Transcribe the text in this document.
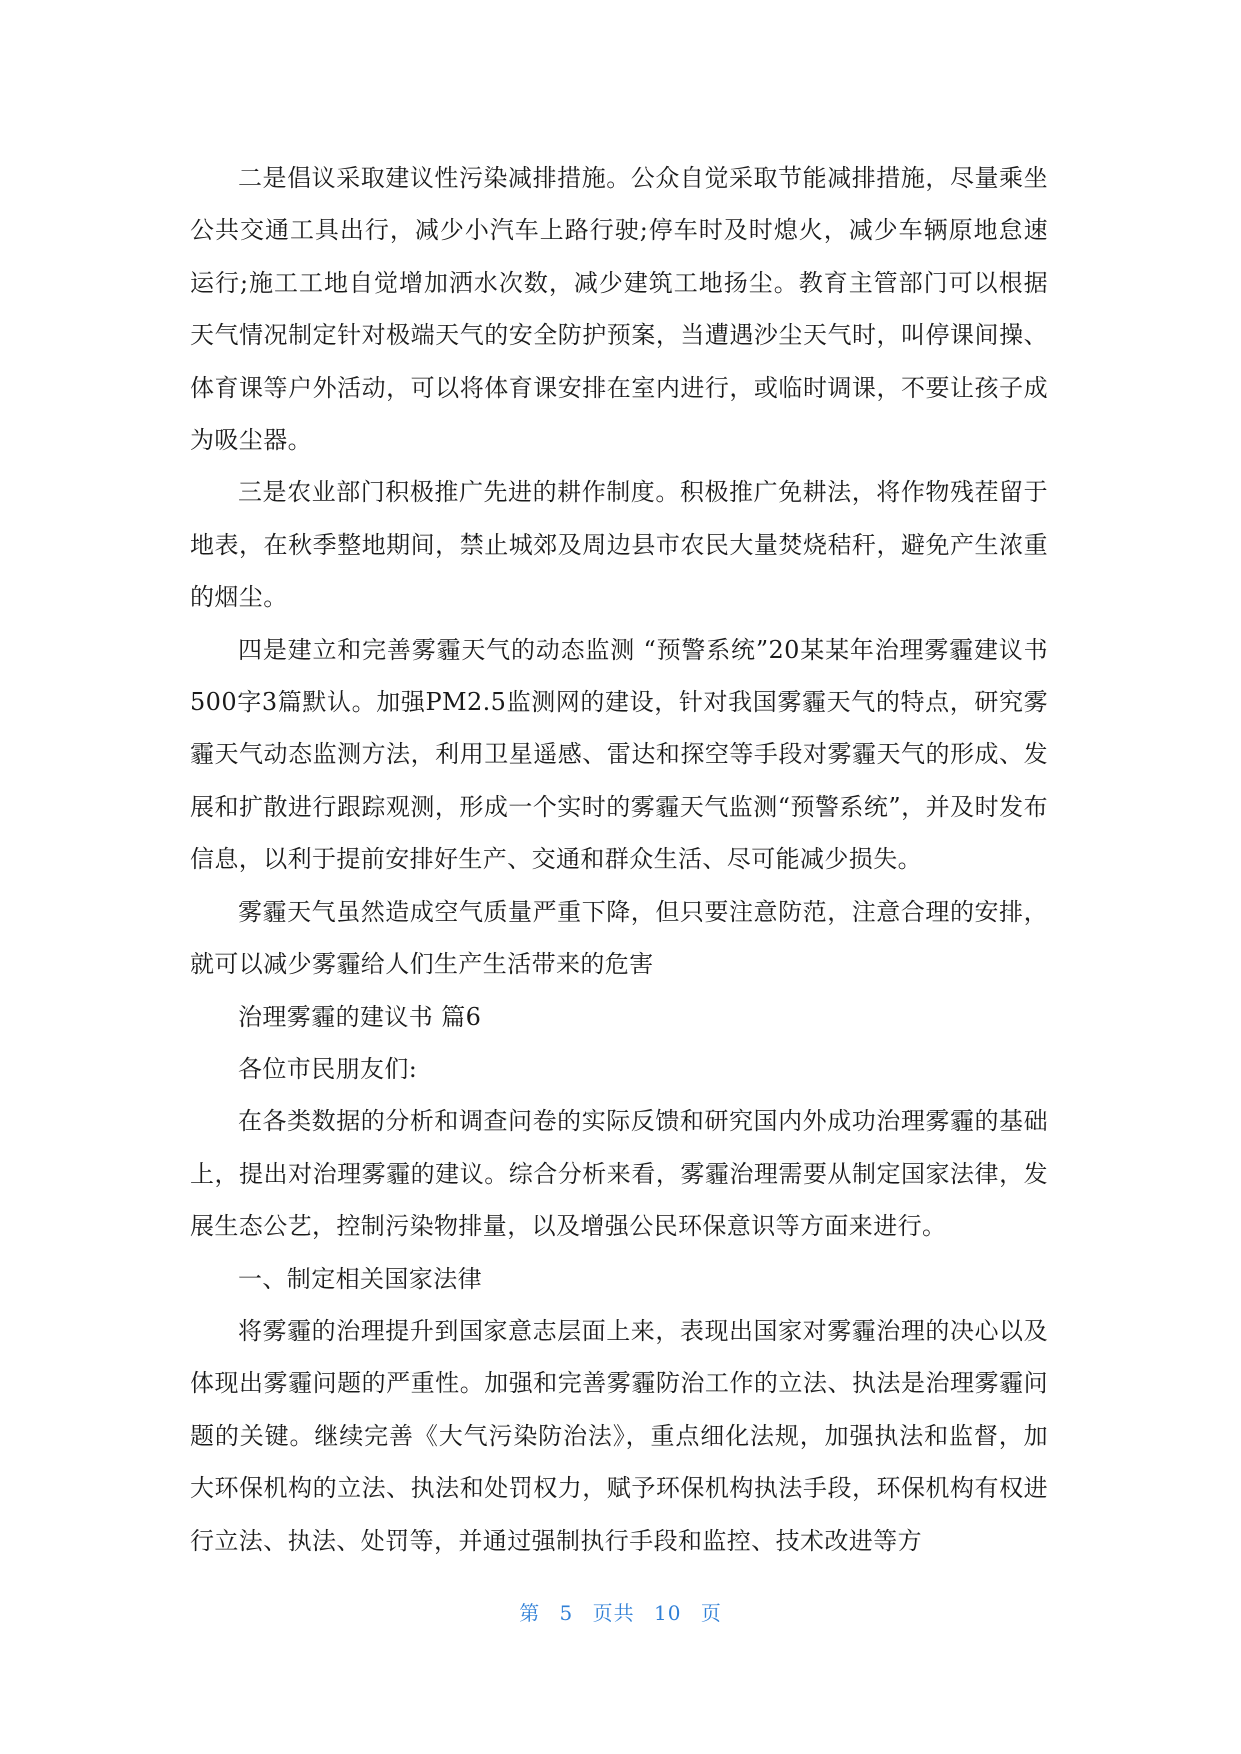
二是倡议采取建议性污染减排措施。公众自觉采取节能减排措施，尽量乘坐公共交通工具出行，减少小汽车上路行驶;停车时及时熄火，减少车辆原地怠速运行;施工工地自觉增加洒水次数，减少建筑工地扬尘。教育主管部门可以根据天气情况制定针对极端天气的安全防护预案，当遭遇沙尘天气时，叫停课间操、体育课等户外活动，可以将体育课安排在室内进行，或临时调课，不要让孩子成为吸尘器。

三是农业部门积极推广先进的耕作制度。积极推广免耕法，将作物残茬留于地表，在秋季整地期间，禁止城郊及周边县市农民大量焚烧秸秆，避免产生浓重的烟尘。

四是建立和完善雾霾天气的动态监测 “预警系统”20某某年治理雾霾建议书500字3篇默认。加强PM2.5监测网的建设，针对我国雾霾天气的特点，研究雾霾天气动态监测方法，利用卫星遥感、雷达和探空等手段对雾霾天气的形成、发展和扩散进行跟踪观测，形成一个实时的雾霾天气监测“预警系统”，并及时发布信息，以利于提前安排好生产、交通和群众生活、尽可能减少损失。

雾霾天气虽然造成空气质量严重下降，但只要注意防范，注意合理的安排，就可以减少雾霾给人们生产生活带来的危害

治理雾霾的建议书 篇6

各位市民朋友们:

在各类数据的分析和调查问卷的实际反馈和研究国内外成功治理雾霾的基础上，提出对治理雾霾的建议。综合分析来看，雾霾治理需要从制定国家法律，发展生态公艺，控制污染物排量，以及增强公民环保意识等方面来进行。

一、制定相关国家法律

将雾霾的治理提升到国家意志层面上来，表现出国家对雾霾治理的决心以及体现出雾霾问题的严重性。加强和完善雾霾防治工作的立法、执法是治理雾霾问题的关键。继续完善《大气污染防治法》，重点细化法规，加强执法和监督，加大环保机构的立法、执法和处罚权力，赋予环保机构执法手段，环保机构有权进行立法、执法、处罚等，并通过强制执行手段和监控、技术改进等方

第 5 页共 10 页
